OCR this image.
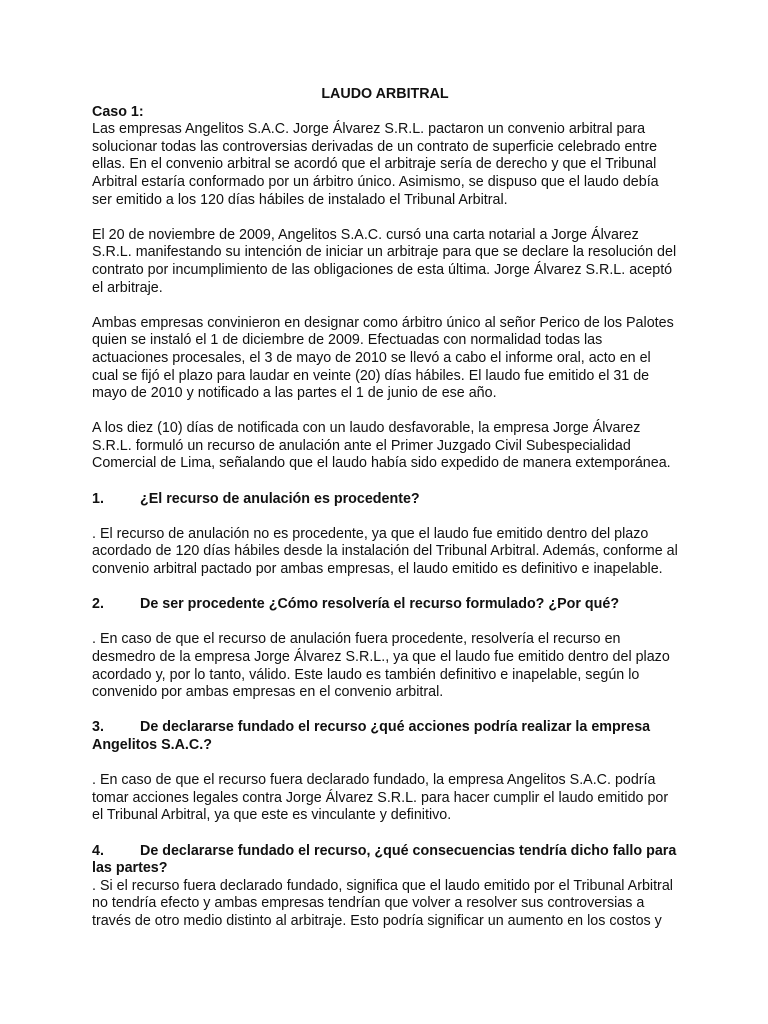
LAUDO ARBITRAL

Caso 1:

Las empresas Angelitos S.A.C. Jorge Álvarez S.R.L. pactaron un convenio arbitral para solucionar todas las controversias derivadas de un contrato de superficie celebrado entre ellas. En el convenio arbitral se acordó que el arbitraje sería de derecho y que el Tribunal Arbitral estaría conformado por un árbitro único. Asimismo, se dispuso que el laudo debía ser emitido a los 120 días hábiles de instalado el Tribunal Arbitral.

El 20 de noviembre de 2009, Angelitos S.A.C. cursó una carta notarial a Jorge Álvarez S.R.L. manifestando su intención de iniciar un arbitraje para que se declare la resolución del contrato por incumplimiento de las obligaciones de esta última. Jorge Álvarez S.R.L. aceptó el arbitraje.

Ambas empresas convinieron en designar como árbitro único al señor Perico de los Palotes quien se instaló el 1 de diciembre de 2009. Efectuadas con normalidad todas las actuaciones procesales, el 3 de mayo de 2010 se llevó a cabo el informe oral, acto en el cual se fijó el plazo para laudar en veinte (20) días hábiles. El laudo fue emitido el 31 de mayo de 2010 y notificado a las partes el 1 de junio de ese año.

A los diez (10) días de notificada con un laudo desfavorable, la empresa Jorge Álvarez S.R.L. formuló un recurso de anulación ante el Primer Juzgado Civil Subespecialidad Comercial de Lima, señalando que el laudo había sido expedido de manera extemporánea.

1.	¿El recurso de anulación es procedente?

. El recurso de anulación no es procedente, ya que el laudo fue emitido dentro del plazo acordado de 120 días hábiles desde la instalación del Tribunal Arbitral. Además, conforme al convenio arbitral pactado por ambas empresas, el laudo emitido es definitivo e inapelable.

2.	De ser procedente ¿Cómo resolvería el recurso formulado? ¿Por qué?

. En caso de que el recurso de anulación fuera procedente, resolvería el recurso en desmedro de la empresa Jorge Álvarez S.R.L., ya que el laudo fue emitido dentro del plazo acordado y, por lo tanto, válido. Este laudo es también definitivo e inapelable, según lo convenido por ambas empresas en el convenio arbitral.

3.	De declararse fundado el recurso ¿qué acciones podría realizar la empresa Angelitos S.A.C.?

. En caso de que el recurso fuera declarado fundado, la empresa Angelitos S.A.C. podría tomar acciones legales contra Jorge Álvarez S.R.L. para hacer cumplir el laudo emitido por el Tribunal Arbitral, ya que este es vinculante y definitivo.

4.	De declararse fundado el recurso, ¿qué consecuencias tendría dicho fallo para las partes?

. Si el recurso fuera declarado fundado, significa que el laudo emitido por el Tribunal Arbitral no tendría efecto y ambas empresas tendrían que volver a resolver sus controversias a través de otro medio distinto al arbitraje. Esto podría significar un aumento en los costos y
